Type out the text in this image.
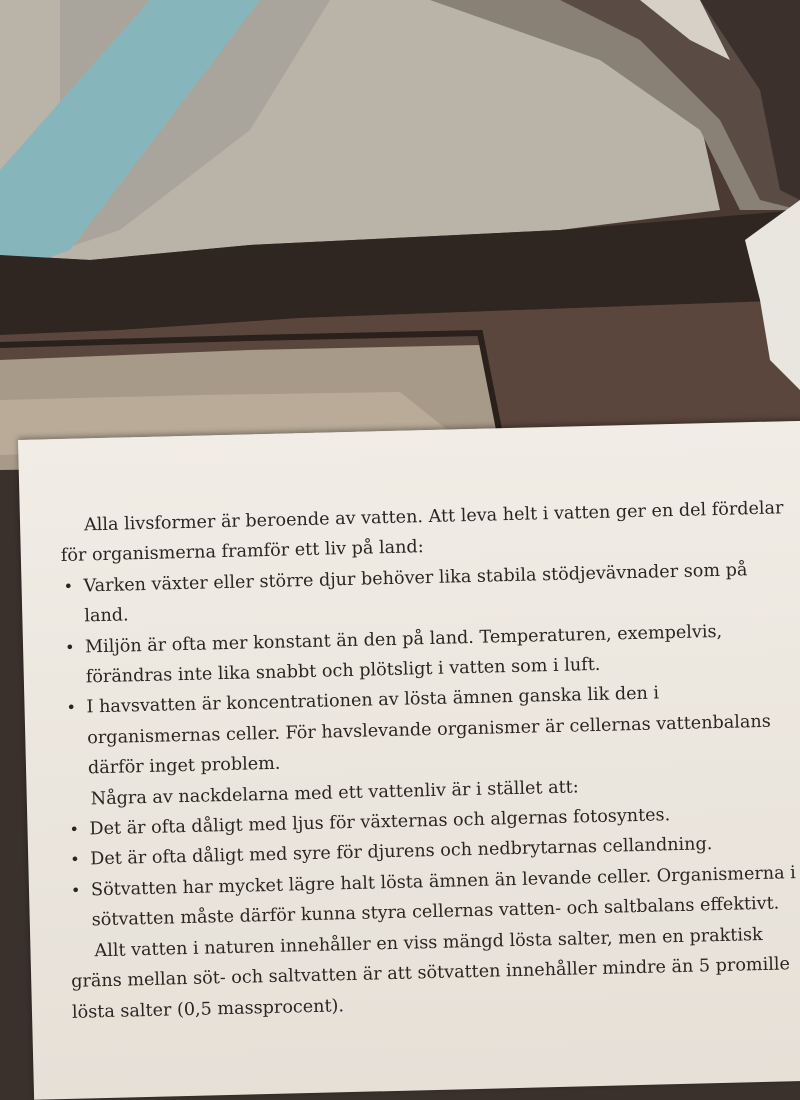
Alla livsformer är beroende av vatten. Att leva helt i vatten ger en del fördelar för organismerna framför ett liv på land:

• Varken växter eller större djur behöver lika stabila stödjevävnader som på land.
• Miljön är ofta mer konstant än den på land. Temperaturen, exempelvis, förändras inte lika snabbt och plötsligt i vatten som i luft.
• I havsvatten är koncentrationen av lösta ämnen ganska lik den i organismernas celler. För havslevande organismer är cellernas vattenbalans därför inget problem.

Några av nackdelarna med ett vattenliv är i stället att:

• Det är ofta dåligt med ljus för växternas och algernas fotosyntes.
• Det är ofta dåligt med syre för djurens och nedbrytarnas cellandning.
• Sötvatten har mycket lägre halt lösta ämnen än levande celler. Organismerna i sötvatten måste därför kunna styra cellernas vatten- och saltbalans effektivt.

Allt vatten i naturen innehåller en viss mängd lösta salter, men en praktisk gräns mellan söt- och saltvatten är att sötvatten innehåller mindre än 5 promille lösta salter (0,5 massprocent).
